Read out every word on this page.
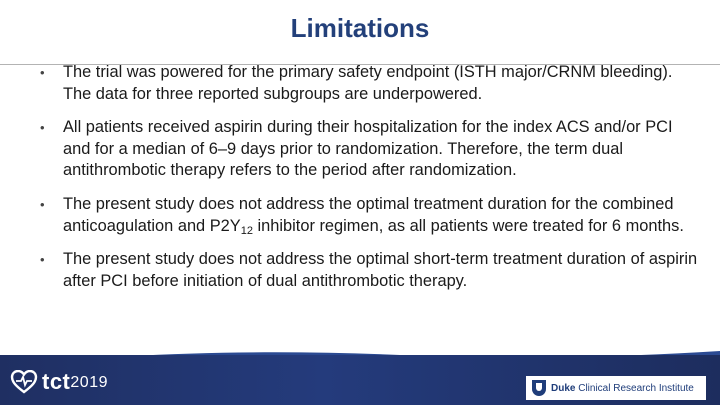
Limitations
• The trial was powered for the primary safety endpoint (ISTH major/CRNM bleeding). The data for three reported subgroups are underpowered.
• All patients received aspirin during their hospitalization for the index ACS and/or PCI and for a median of 6–9 days prior to randomization. Therefore, the term dual antithrombotic therapy refers to the period after randomization.
• The present study does not address the optimal treatment duration for the combined anticoagulation and $P2Y_{12}$ inhibitor regimen, as all patients were treated for 6 months.
• The present study does not address the optimal short-term treatment duration of aspirin after PCI before initiation of dual antithrombotic therapy.
tct2019	Duke Clinical Research Institute
